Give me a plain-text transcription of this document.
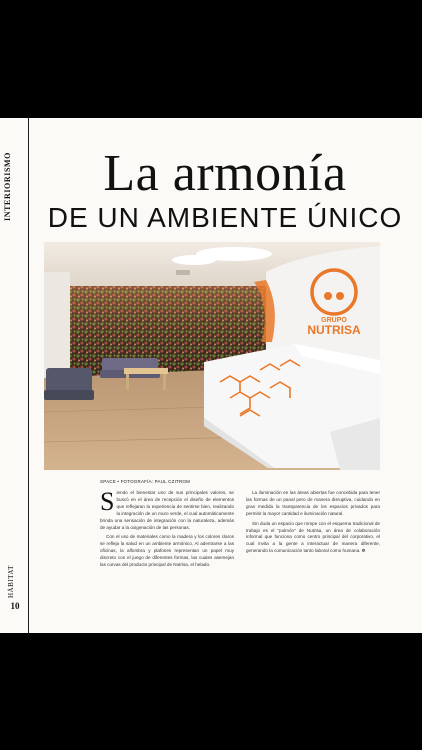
INTERIORISMO
HÁBITAT
10
La armonía
DE UN AMBIENTE ÚNICO
GRUPO
NUTRISA
SPACE • FOTOGRAFÍA: PAUL CZITROM

Siendo el bienestar uno de sus principales valores, se buscó en el área de recepción el diseño de elementos que reflejaran la experiencia de sentirse bien, realizando la integración de un muro verde, el cual automáticamente brinda una sensación de integración con la naturaleza, además de ayudar a la oxigenación de las personas.

Con el uso de materiales como la madera y los colores claros se refleja la salud en un ambiente armónico. Al adentrarse a las oficinas, la alfombra y plafones representan un papel muy discreto con el juego de diferentes formas, las cuales asemejan las curvas del producto principal de Nutrisa, el helado.

La iluminación en las áreas abiertas fue concebida para tener las formas de un panal pero de manera disruptiva, cuidando en gran medida la transparencia de los espacios privados para permitir la mayor cantidad e iluminación natural.

Sin duda un espacio que rompe con el esquema tradicional de trabajo es el "pulmón" de Nutrisa, un área de colaboración informal que funciona como centro principal del corporativo, el cual invita a la gente a interactuar de manera diferente, generando la comunicación tanto laboral como humana. ❁
